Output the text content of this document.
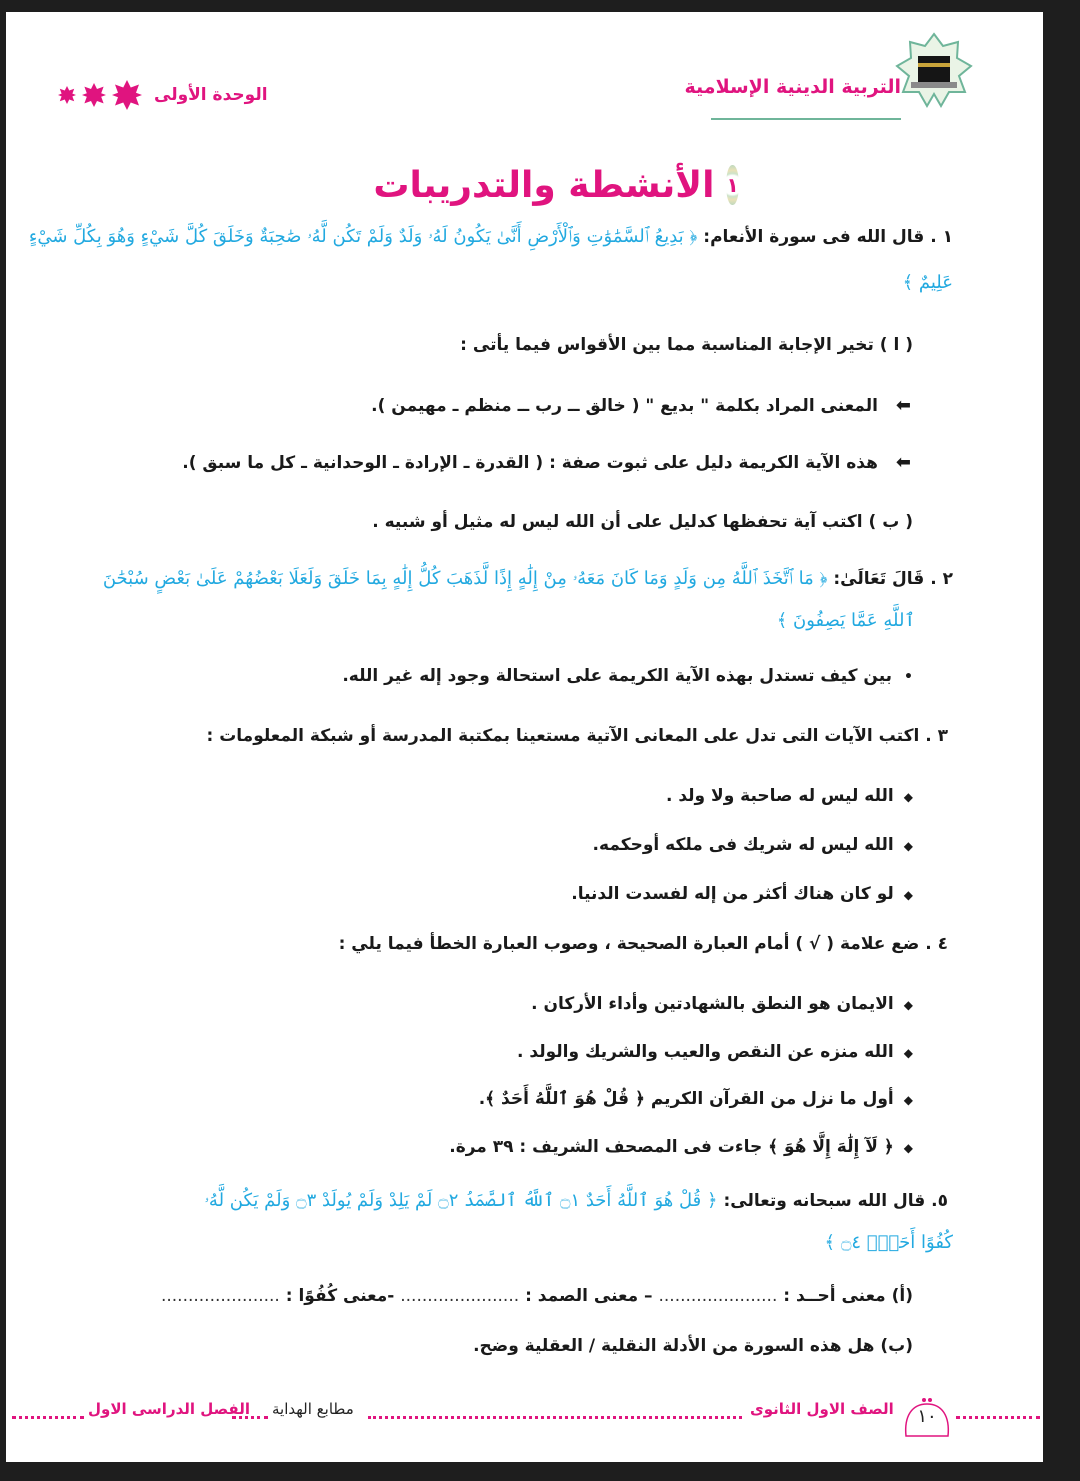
التربية الدينية الإسلامية
الوحدة الأولى
١
الأنشطة والتدريبات
١ . قال الله فى سورة الأنعام: ﴿ بَدِيعُ ٱلسَّمَٰوَٰتِ وَٱلْأَرْضِ أَنَّىٰ يَكُونُ لَهُۥ وَلَدٌ وَلَمْ تَكُن لَّهُۥ صَٰحِبَةٌ وَخَلَقَ كُلَّ شَيْءٍ وَهُوَ بِكُلِّ شَيْءٍ
عَلِيمٌ ﴾
( ا ) تخير الإجابة المناسبة مما بين الأقواس فيما يأتى :
⬅المعنى المراد بكلمة " بديع " ( خالق ــ رب ــ منظم ـ مهيمن ).
⬅هذه الآية الكريمة دليل على ثبوت صفة : ( القدرة ـ الإرادة ـ الوحدانية ـ كل ما سبق ).
( ب ) اكتب آية تحفظها كدليل على أن الله ليس له مثيل أو شبيه .
٢ . قَالَ تَعَالَىٰ: ﴿ مَا ٱتَّخَذَ ٱللَّهُ مِن وَلَدٍ وَمَا كَانَ مَعَهُۥ مِنْ إِلَٰهٍ إِذًا لَّذَهَبَ كُلُّ إِلَٰهٍ بِمَا خَلَقَ وَلَعَلَا بَعْضُهُمْ عَلَىٰ بَعْضٍ سُبْحَٰنَ
ٱللَّهِ عَمَّا يَصِفُونَ ﴾
•بين كيف تستدل بهذه الآية الكريمة على استحالة وجود إله غير الله.
٣ . اكتب الآيات التى تدل على المعانى الآتية مستعينا بمكتبة المدرسة أو شبكة المعلومات :
◆الله ليس له صاحبة ولا ولد .
◆الله ليس له شريك فى ملكه أوحكمه.
◆لو كان هناك أكثر من إله لفسدت الدنيا.
٤ . ضع علامة ( √ ) أمام العبارة الصحيحة ، وصوب العبارة الخطأ فيما يلي :
◆الايمان هو النطق بالشهادتين وأداء الأركان .
◆الله منزه عن النقص والعيب والشريك والولد .
◆أول ما نزل من القرآن الكريم ﴿ قُلْ هُوَ ٱللَّهُ أَحَدٌ ﴾.
◆﴿ لَآ إِلَٰهَ إِلَّا هُوَ ﴾ جاءت فى المصحف الشريف : ٣٩ مرة.
٥. قال الله سبحانه وتعالى: ﴿ قُلْ هُوَ ٱللَّهُ أَحَدٌ ۝١ ٱللَّهُ ٱلصَّمَدُ ۝٢ لَمْ يَلِدْ وَلَمْ يُولَدْ ۝٣ وَلَمْ يَكُن لَّهُۥ
كُفُوًا أَحَدٌۢ ۝٤ ﴾
(أ) معنى أحــد : ...................... – معنى الصمد : ...................... -معنى كُفُوًا : ......................
(ب) هل هذه السورة من الأدلة النقلية / العقلية وضح.
الفصل الدراسى الاول مطابع الهداية	الصف الاول الثانوى	١٠
